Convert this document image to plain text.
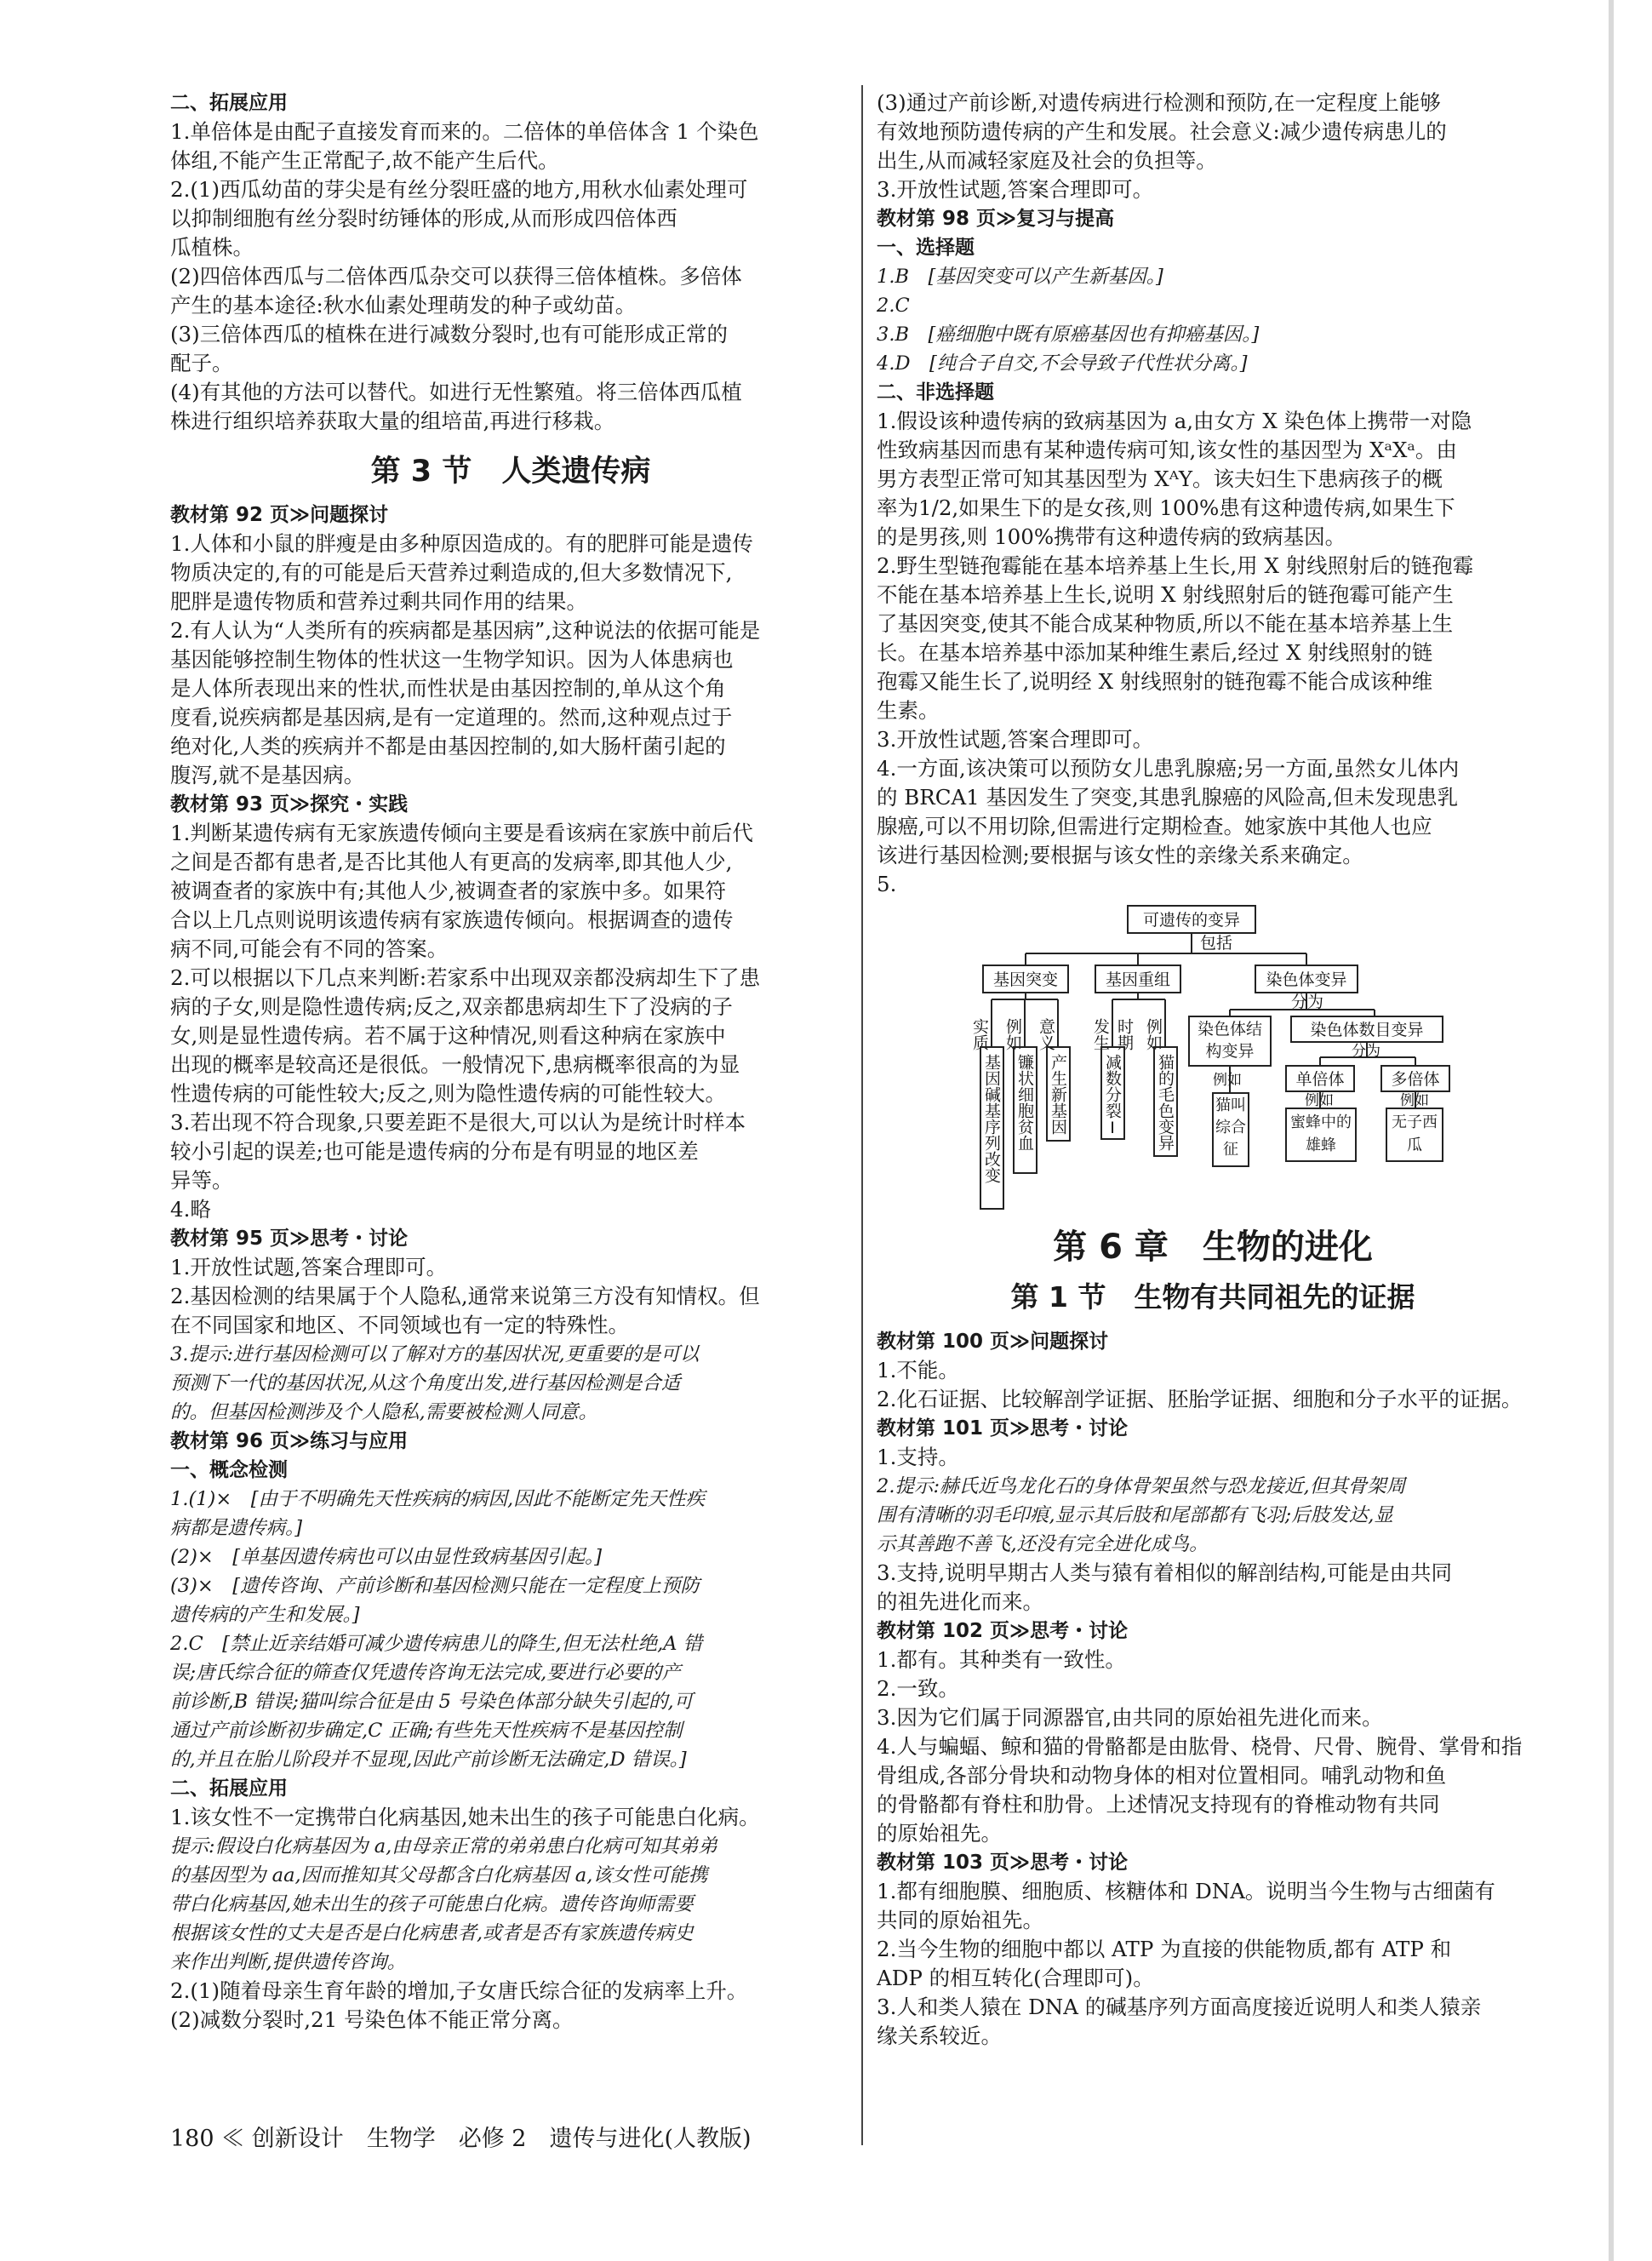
二、拓展应用
1.单倍体是由配子直接发育而来的。二倍体的单倍体含 1 个染色
体组,不能产生正常配子,故不能产生后代。
2.(1)西瓜幼苗的芽尖是有丝分裂旺盛的地方,用秋水仙素处理可
以抑制细胞有丝分裂时纺锤体的形成,从而形成四倍体西
瓜植株。
(2)四倍体西瓜与二倍体西瓜杂交可以获得三倍体植株。多倍体
产生的基本途径:秋水仙素处理萌发的种子或幼苗。
(3)三倍体西瓜的植株在进行减数分裂时,也有可能形成正常的
配子。
(4)有其他的方法可以替代。如进行无性繁殖。将三倍体西瓜植
株进行组织培养获取大量的组培苗,再进行移栽。
第 3 节　人类遗传病
教材第 92 页≫问题探讨
1.人体和小鼠的胖瘦是由多种原因造成的。有的肥胖可能是遗传
物质决定的,有的可能是后天营养过剩造成的,但大多数情况下,
肥胖是遗传物质和营养过剩共同作用的结果。
2.有人认为“人类所有的疾病都是基因病”,这种说法的依据可能是
基因能够控制生物体的性状这一生物学知识。因为人体患病也
是人体所表现出来的性状,而性状是由基因控制的,单从这个角
度看,说疾病都是基因病,是有一定道理的。然而,这种观点过于
绝对化,人类的疾病并不都是由基因控制的,如大肠杆菌引起的
腹泻,就不是基因病。
教材第 93 页≫探究・实践
1.判断某遗传病有无家族遗传倾向主要是看该病在家族中前后代
之间是否都有患者,是否比其他人有更高的发病率,即其他人少,
被调查者的家族中有;其他人少,被调查者的家族中多。如果符
合以上几点则说明该遗传病有家族遗传倾向。根据调查的遗传
病不同,可能会有不同的答案。
2.可以根据以下几点来判断:若家系中出现双亲都没病却生下了患
病的子女,则是隐性遗传病;反之,双亲都患病却生下了没病的子
女,则是显性遗传病。若不属于这种情况,则看这种病在家族中
出现的概率是较高还是很低。一般情况下,患病概率很高的为显
性遗传病的可能性较大;反之,则为隐性遗传病的可能性较大。
3.若出现不符合现象,只要差距不是很大,可以认为是统计时样本
较小引起的误差;也可能是遗传病的分布是有明显的地区差
异等。
4.略
教材第 95 页≫思考・讨论
1.开放性试题,答案合理即可。
2.基因检测的结果属于个人隐私,通常来说第三方没有知情权。但
在不同国家和地区、不同领域也有一定的特殊性。
3.提示:进行基因检测可以了解对方的基因状况,更重要的是可以
预测下一代的基因状况,从这个角度出发,进行基因检测是合适
的。但基因检测涉及个人隐私,需要被检测人同意。
教材第 96 页≫练习与应用
一、概念检测
1.(1)×　[由于不明确先天性疾病的病因,因此不能断定先天性疾
病都是遗传病。]
(2)×　[单基因遗传病也可以由显性致病基因引起。]
(3)×　[遗传咨询、产前诊断和基因检测只能在一定程度上预防
遗传病的产生和发展。]
2.C　[禁止近亲结婚可减少遗传病患儿的降生,但无法杜绝,A 错
误;唐氏综合征的筛查仅凭遗传咨询无法完成,要进行必要的产
前诊断,B 错误;猫叫综合征是由 5 号染色体部分缺失引起的,可
通过产前诊断初步确定,C 正确;有些先天性疾病不是基因控制
的,并且在胎儿阶段并不显现,因此产前诊断无法确定,D 错误。]
二、拓展应用
1.该女性不一定携带白化病基因,她未出生的孩子可能患白化病。
提示:假设白化病基因为 a,由母亲正常的弟弟患白化病可知其弟弟
的基因型为 aa,因而推知其父母都含白化病基因 a,该女性可能携
带白化病基因,她未出生的孩子可能患白化病。遗传咨询师需要
根据该女性的丈夫是否是白化病患者,或者是否有家族遗传病史
来作出判断,提供遗传咨询。
2.(1)随着母亲生育年龄的增加,子女唐氏综合征的发病率上升。
(2)减数分裂时,21 号染色体不能正常分离。
(3)通过产前诊断,对遗传病进行检测和预防,在一定程度上能够
有效地预防遗传病的产生和发展。社会意义:减少遗传病患儿的
出生,从而减轻家庭及社会的负担等。
3.开放性试题,答案合理即可。
教材第 98 页≫复习与提高
一、选择题
1.B　[基因突变可以产生新基因。]
2.C
3.B　[癌细胞中既有原癌基因也有抑癌基因。]
4.D　[纯合子自交,不会导致子代性状分离。]
二、非选择题
1.假设该种遗传病的致病基因为 a,由女方 X 染色体上携带一对隐
性致病基因而患有某种遗传病可知,该女性的基因型为 XᵃXᵃ。由
男方表型正常可知其基因型为 XᴬY。该夫妇生下患病孩子的概
率为1/2,如果生下的是女孩,则 100%患有这种遗传病,如果生下
的是男孩,则 100%携带有这种遗传病的致病基因。
2.野生型链孢霉能在基本培养基上生长,用 X 射线照射后的链孢霉
不能在基本培养基上生长,说明 X 射线照射后的链孢霉可能产生
了基因突变,使其不能合成某种物质,所以不能在基本培养基上生
长。在基本培养基中添加某种维生素后,经过 X 射线照射的链
孢霉又能生长了,说明经 X 射线照射的链孢霉不能合成该种维
生素。
3.开放性试题,答案合理即可。
4.一方面,该决策可以预防女儿患乳腺癌;另一方面,虽然女儿体内
的 BRCA1 基因发生了突变,其患乳腺癌的风险高,但未发现患乳
腺癌,可以不用切除,但需进行定期检查。她家族中其他人也应
该进行基因检测;要根据与该女性的亲缘关系来确定。
5.
可遗传的变异
包括
基因突变	基因重组	染色体变异
分为
实质 例如 意义
基因碱基序列改变 镰状细胞贫血 产生新基因
发生 时期 例如
减数分裂Ⅰ 猫的毛色变异
染色体结构变异
例如
猫叫综合征
染色体数目变异
分为
单倍体	多倍体
例如
蜜蜂中的雄蜂
例如
无子西瓜
第 6 章　生物的进化
第 1 节　生物有共同祖先的证据
教材第 100 页≫问题探讨
1.不能。
2.化石证据、比较解剖学证据、胚胎学证据、细胞和分子水平的证据。
教材第 101 页≫思考・讨论
1.支持。
2.提示:赫氏近鸟龙化石的身体骨架虽然与恐龙接近,但其骨架周
围有清晰的羽毛印痕,显示其后肢和尾部都有飞羽;后肢发达,显
示其善跑不善飞,还没有完全进化成鸟。
3.支持,说明早期古人类与猿有着相似的解剖结构,可能是由共同
的祖先进化而来。
教材第 102 页≫思考・讨论
1.都有。其种类有一致性。
2.一致。
3.因为它们属于同源器官,由共同的原始祖先进化而来。
4.人与蝙蝠、鲸和猫的骨骼都是由肱骨、桡骨、尺骨、腕骨、掌骨和指
骨组成,各部分骨块和动物身体的相对位置相同。哺乳动物和鱼
的骨骼都有脊柱和肋骨。上述情况支持现有的脊椎动物有共同
的原始祖先。
教材第 103 页≫思考・讨论
1.都有细胞膜、细胞质、核糖体和 DNA。说明当今生物与古细菌有
共同的原始祖先。
2.当今生物的细胞中都以 ATP 为直接的供能物质,都有 ATP 和
ADP 的相互转化(合理即可)。
3.人和类人猿在 DNA 的碱基序列方面高度接近说明人和类人猿亲
缘关系较近。
180 ≪ 创新设计　生物学　必修 2　遗传与进化(人教版)
